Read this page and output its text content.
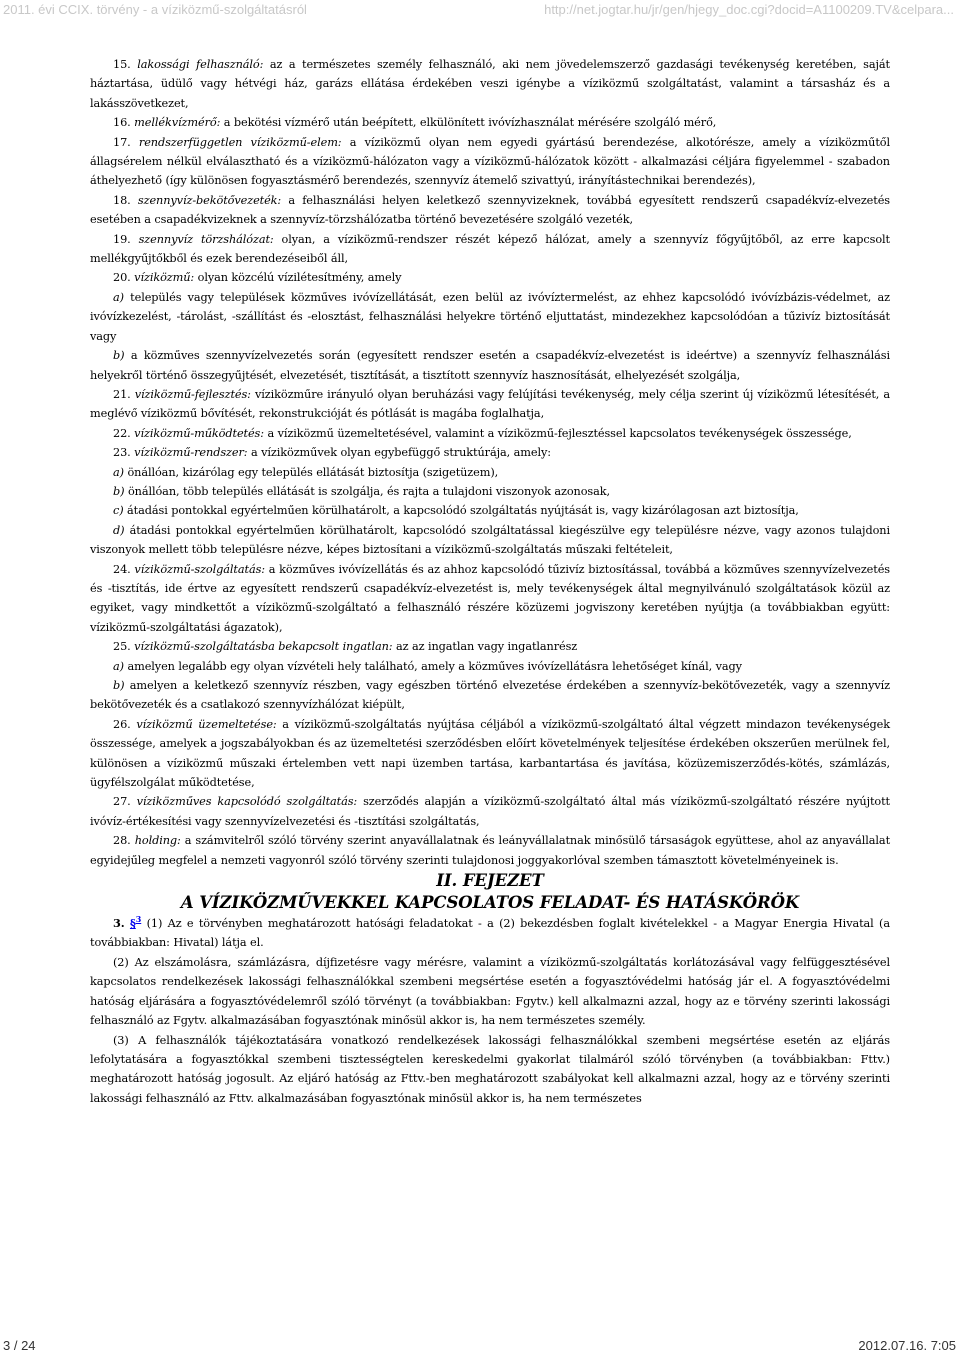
2011. évi CCIX. törvény - a víziközmű-szolgáltatásról	http://net.jogtar.hu/jr/gen/hjegy_doc.cgi?docid=A1100209.TV&celpara...

15. lakossági felhasználó: az a természetes személy felhasználó, aki nem jövedelemszerző gazdasági tevékenység keretében, saját háztartása, üdülő vagy hétvégi ház, garázs ellátása érdekében veszi igénybe a víziközmű szolgáltatást, valamint a társasház és a lakásszövetkezet,

16. mellékvízmérő: a bekötési vízmérő után beépített, elkülönített ivóvízhasználat mérésére szolgáló mérő,

17. rendszerfüggetlen víziközmű-elem: a víziközmű olyan nem egyedi gyártású berendezése, alkotórésze, amely a víziközműtől állagsérelem nélkül elválasztható és a víziközmű-hálózaton vagy a víziközmű-hálózatok között - alkalmazási céljára figyelemmel - szabadon áthelyezhető (így különösen fogyasztásmérő berendezés, szennyvíz átemelő szivattyú, irányítástechnikai berendezés),

18. szennyvíz-bekötővezeték: a felhasználási helyen keletkező szennyvizeknek, továbbá egyesített rendszerű csapadékvíz-elvezetés esetében a csapadékvizeknek a szennyvíz-törzshálózatba történő bevezetésére szolgáló vezeték,

19. szennyvíz törzshálózat: olyan, a víziközmű-rendszer részét képező hálózat, amely a szennyvíz főgyűjtőből, az erre kapcsolt mellékgyűjtőkből és ezek berendezéseiből áll,

20. víziközmű: olyan közcélú vízilétesítmény, amely

a) település vagy települések közműves ivóvízellátását, ezen belül az ivóvíztermelést, az ehhez kapcsolódó ivóvízbázis-védelmet, az ivóvízkezelést, -tárolást, -szállítást és -elosztást, felhasználási helyekre történő eljuttatást, mindezekhez kapcsolódóan a tűzivíz biztosítását vagy

b) a közműves szennyvízelvezetés során (egyesített rendszer esetén a csapadékvíz-elvezetést is ideértve) a szennyvíz felhasználási helyekről történő összegyűjtését, elvezetését, tisztítását, a tisztított szennyvíz hasznosítását, elhelyezését szolgálja,

21. víziközmű-fejlesztés: víziközműre irányuló olyan beruházási vagy felújítási tevékenység, mely célja szerint új víziközmű létesítését, a meglévő víziközmű bővítését, rekonstrukcióját és pótlását is magába foglalhatja,

22. víziközmű-működtetés: a víziközmű üzemeltetésével, valamint a víziközmű-fejlesztéssel kapcsolatos tevékenységek összessége,

23. víziközmű-rendszer: a víziközművek olyan egybefüggő struktúrája, amely:

a) önállóan, kizárólag egy település ellátását biztosítja (szigetüzem),

b) önállóan, több település ellátását is szolgálja, és rajta a tulajdoni viszonyok azonosak,

c) átadási pontokkal egyértelműen körülhatárolt, a kapcsolódó szolgáltatás nyújtását is, vagy kizárólagosan azt biztosítja,

d) átadási pontokkal egyértelműen körülhatárolt, kapcsolódó szolgáltatással kiegészülve egy településre nézve, vagy azonos tulajdoni viszonyok mellett több településre nézve, képes biztosítani a víziközmű-szolgáltatás műszaki feltételeit,

24. víziközmű-szolgáltatás: a közműves ivóvízellátás és az ahhoz kapcsolódó tűzivíz biztosítással, továbbá a közműves szennyvízelvezetés és -tisztítás, ide értve az egyesített rendszerű csapadékvíz-elvezetést is, mely tevékenységek által megnyilvánuló szolgáltatások közül az egyiket, vagy mindkettőt a víziközmű-szolgáltató a felhasználó részére közüzemi jogviszony keretében nyújtja (a továbbiakban együtt: víziközmű-szolgáltatási ágazatok),

25. víziközmű-szolgáltatásba bekapcsolt ingatlan: az az ingatlan vagy ingatlanrész

a) amelyen legalább egy olyan vízvételi hely található, amely a közműves ivóvízellátásra lehetőséget kínál, vagy

b) amelyen a keletkező szennyvíz részben, vagy egészben történő elvezetése érdekében a szennyvíz-bekötővezeték, vagy a szennyvíz bekötővezeték és a csatlakozó szennyvízhálózat kiépült,

26. víziközmű üzemeltetése: a víziközmű-szolgáltatás nyújtása céljából a víziközmű-szolgáltató által végzett mindazon tevékenységek összessége, amelyek a jogszabályokban és az üzemeltetési szerződésben előírt követelmények teljesítése érdekében okszerűen merülnek fel, különösen a víziközmű műszaki értelemben vett napi üzemben tartása, karbantartása és javítása, közüzemiszerződés-kötés, számlázás, ügyfélszolgálat működtetése,

27. víziközműves kapcsolódó szolgáltatás: szerződés alapján a víziközmű-szolgáltató által más víziközmű-szolgáltató részére nyújtott ivóvíz-értékesítési vagy szennyvízelvezetési és -tisztítási szolgáltatás,

28. holding: a számvitelről szóló törvény szerint anyavállalatnak és leányvállalatnak minősülő társaságok együttese, ahol az anyavállalat egyidejűleg megfelel a nemzeti vagyonról szóló törvény szerinti tulajdonosi joggyakorlóval szemben támasztott követelményeinek is.

II. FEJEZET

A VÍZIKÖZMŰVEKKEL KAPCSOLATOS FELADAT- ÉS HATÁSKÖRÖK

3. §$^3$ (1) Az e törvényben meghatározott hatósági feladatokat - a (2) bekezdésben foglalt kivételekkel - a Magyar Energia Hivatal (a továbbiakban: Hivatal) látja el.

(2) Az elszámolásra, számlázásra, díjfizetésre vagy mérésre, valamint a víziközmű-szolgáltatás korlátozásával vagy felfüggesztésével kapcsolatos rendelkezések lakossági felhasználókkal szembeni megsértése esetén a fogyasztóvédelmi hatóság jár el. A fogyasztóvédelmi hatóság eljárására a fogyasztóvédelemről szóló törvényt (a továbbiakban: Fgytv.) kell alkalmazni azzal, hogy az e törvény szerinti lakossági felhasználó az Fgytv. alkalmazásában fogyasztónak minősül akkor is, ha nem természetes személy.

(3) A felhasználók tájékoztatására vonatkozó rendelkezések lakossági felhasználókkal szembeni megsértése esetén az eljárás lefolytatására a fogyasztókkal szembeni tisztességtelen kereskedelmi gyakorlat tilalmáról szóló törvényben (a továbbiakban: Fttv.) meghatározott hatóság jogosult. Az eljáró hatóság az Fttv.-ben meghatározott szabályokat kell alkalmazni azzal, hogy az e törvény szerinti lakossági felhasználó az Fttv. alkalmazásában fogyasztónak minősül akkor is, ha nem természetes

3 / 24	2012.07.16. 7:05
